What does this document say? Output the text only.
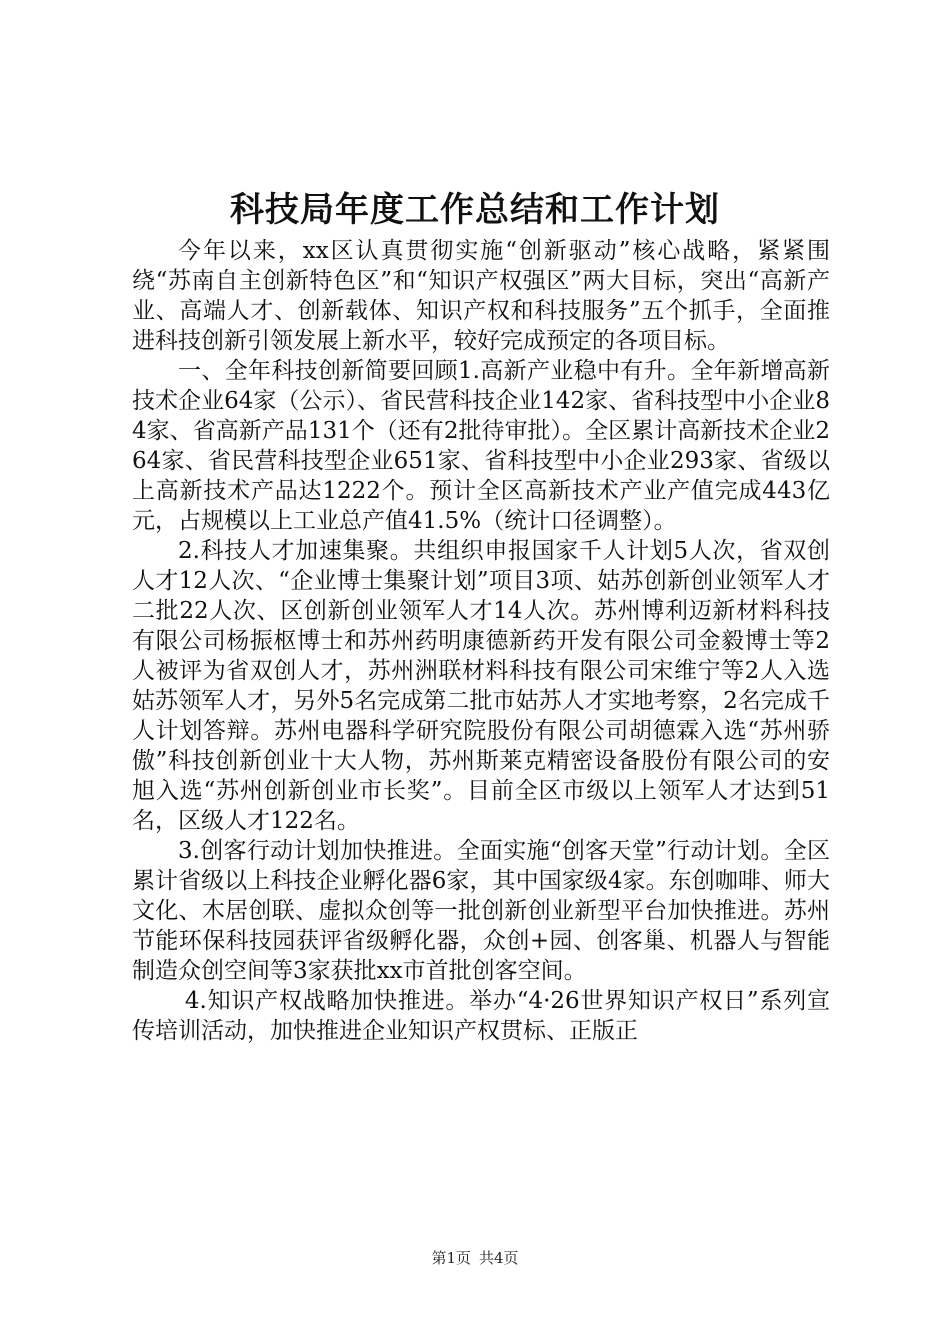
科技局年度工作总结和工作计划

今年以来，xx区认真贯彻实施“创新驱动”核心战略，紧紧围绕“苏南自主创新特色区”和“知识产权强区”两大目标，突出“高新产业、高端人才、创新载体、知识产权和科技服务”五个抓手，全面推进科技创新引领发展上新水平，较好完成预定的各项目标。

一、全年科技创新简要回顾1.高新产业稳中有升。全年新增高新技术企业64家（公示）、省民营科技企业142家、省科技型中小企业84家、省高新产品131个（还有2批待审批）。全区累计高新技术企业264家、省民营科技型企业651家、省科技型中小企业293家、省级以上高新技术产品达1222个。预计全区高新技术产业产值完成443亿元，占规模以上工业总产值41.5%（统计口径调整）。

2.科技人才加速集聚。共组织申报国家千人计划5人次，省双创人才12人次、“企业博士集聚计划”项目3项、姑苏创新创业领军人才二批22人次、区创新创业领军人才14人次。苏州博利迈新材料科技有限公司杨振枢博士和苏州药明康德新药开发有限公司金毅博士等2人被评为省双创人才，苏州洲联材料科技有限公司宋维宁等2人入选姑苏领军人才，另外5名完成第二批市姑苏人才实地考察，2名完成千人计划答辩。苏州电器科学研究院股份有限公司胡德霖入选“苏州骄傲”科技创新创业十大人物，苏州斯莱克精密设备股份有限公司的安旭入选“苏州创新创业市长奖”。目前全区市级以上领军人才达到51名，区级人才122名。

3.创客行动计划加快推进。全面实施“创客天堂”行动计划。全区累计省级以上科技企业孵化器6家，其中国家级4家。东创咖啡、师大文化、木居创联、虚拟众创等一批创新创业新型平台加快推进。苏州节能环保科技园获评省级孵化器，众创+园、创客巢、机器人与智能制造众创空间等3家获批xx市首批创客空间。

4.知识产权战略加快推进。举办“4·26世界知识产权日”系列宣传培训活动，加快推进企业知识产权贯标、正版正

第1页 共4页
